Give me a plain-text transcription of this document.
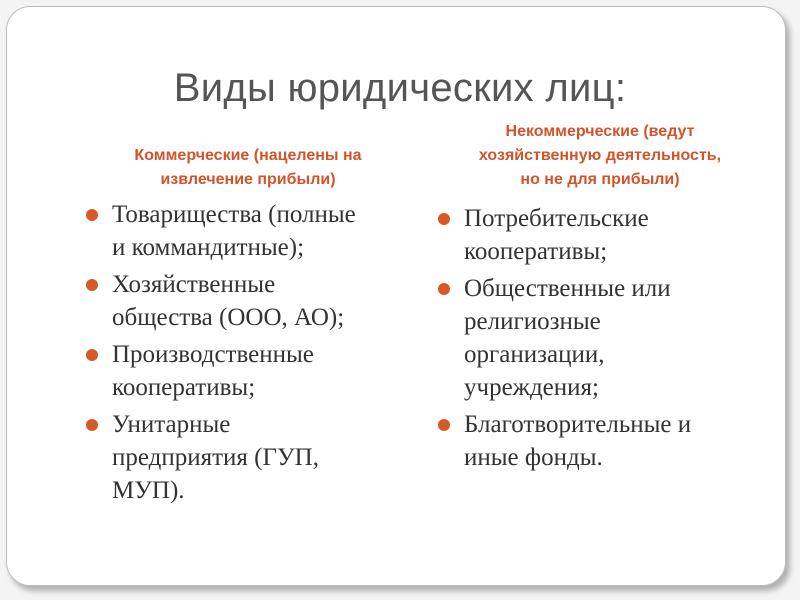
Виды юридических лиц:
Коммерческие (нацелены на
извлечение прибыли)
Некоммерческие (ведут
хозяйственную деятельность,
но не для прибыли)
Товарищества (полные
и коммандитные);
Хозяйственные
общества (ООО, АО);
Производственные
кооперативы;
Унитарные
предприятия (ГУП,
МУП).
Потребительские
кооперативы;
Общественные или
религиозные
организации,
учреждения;
Благотворительные и
иные фонды.
